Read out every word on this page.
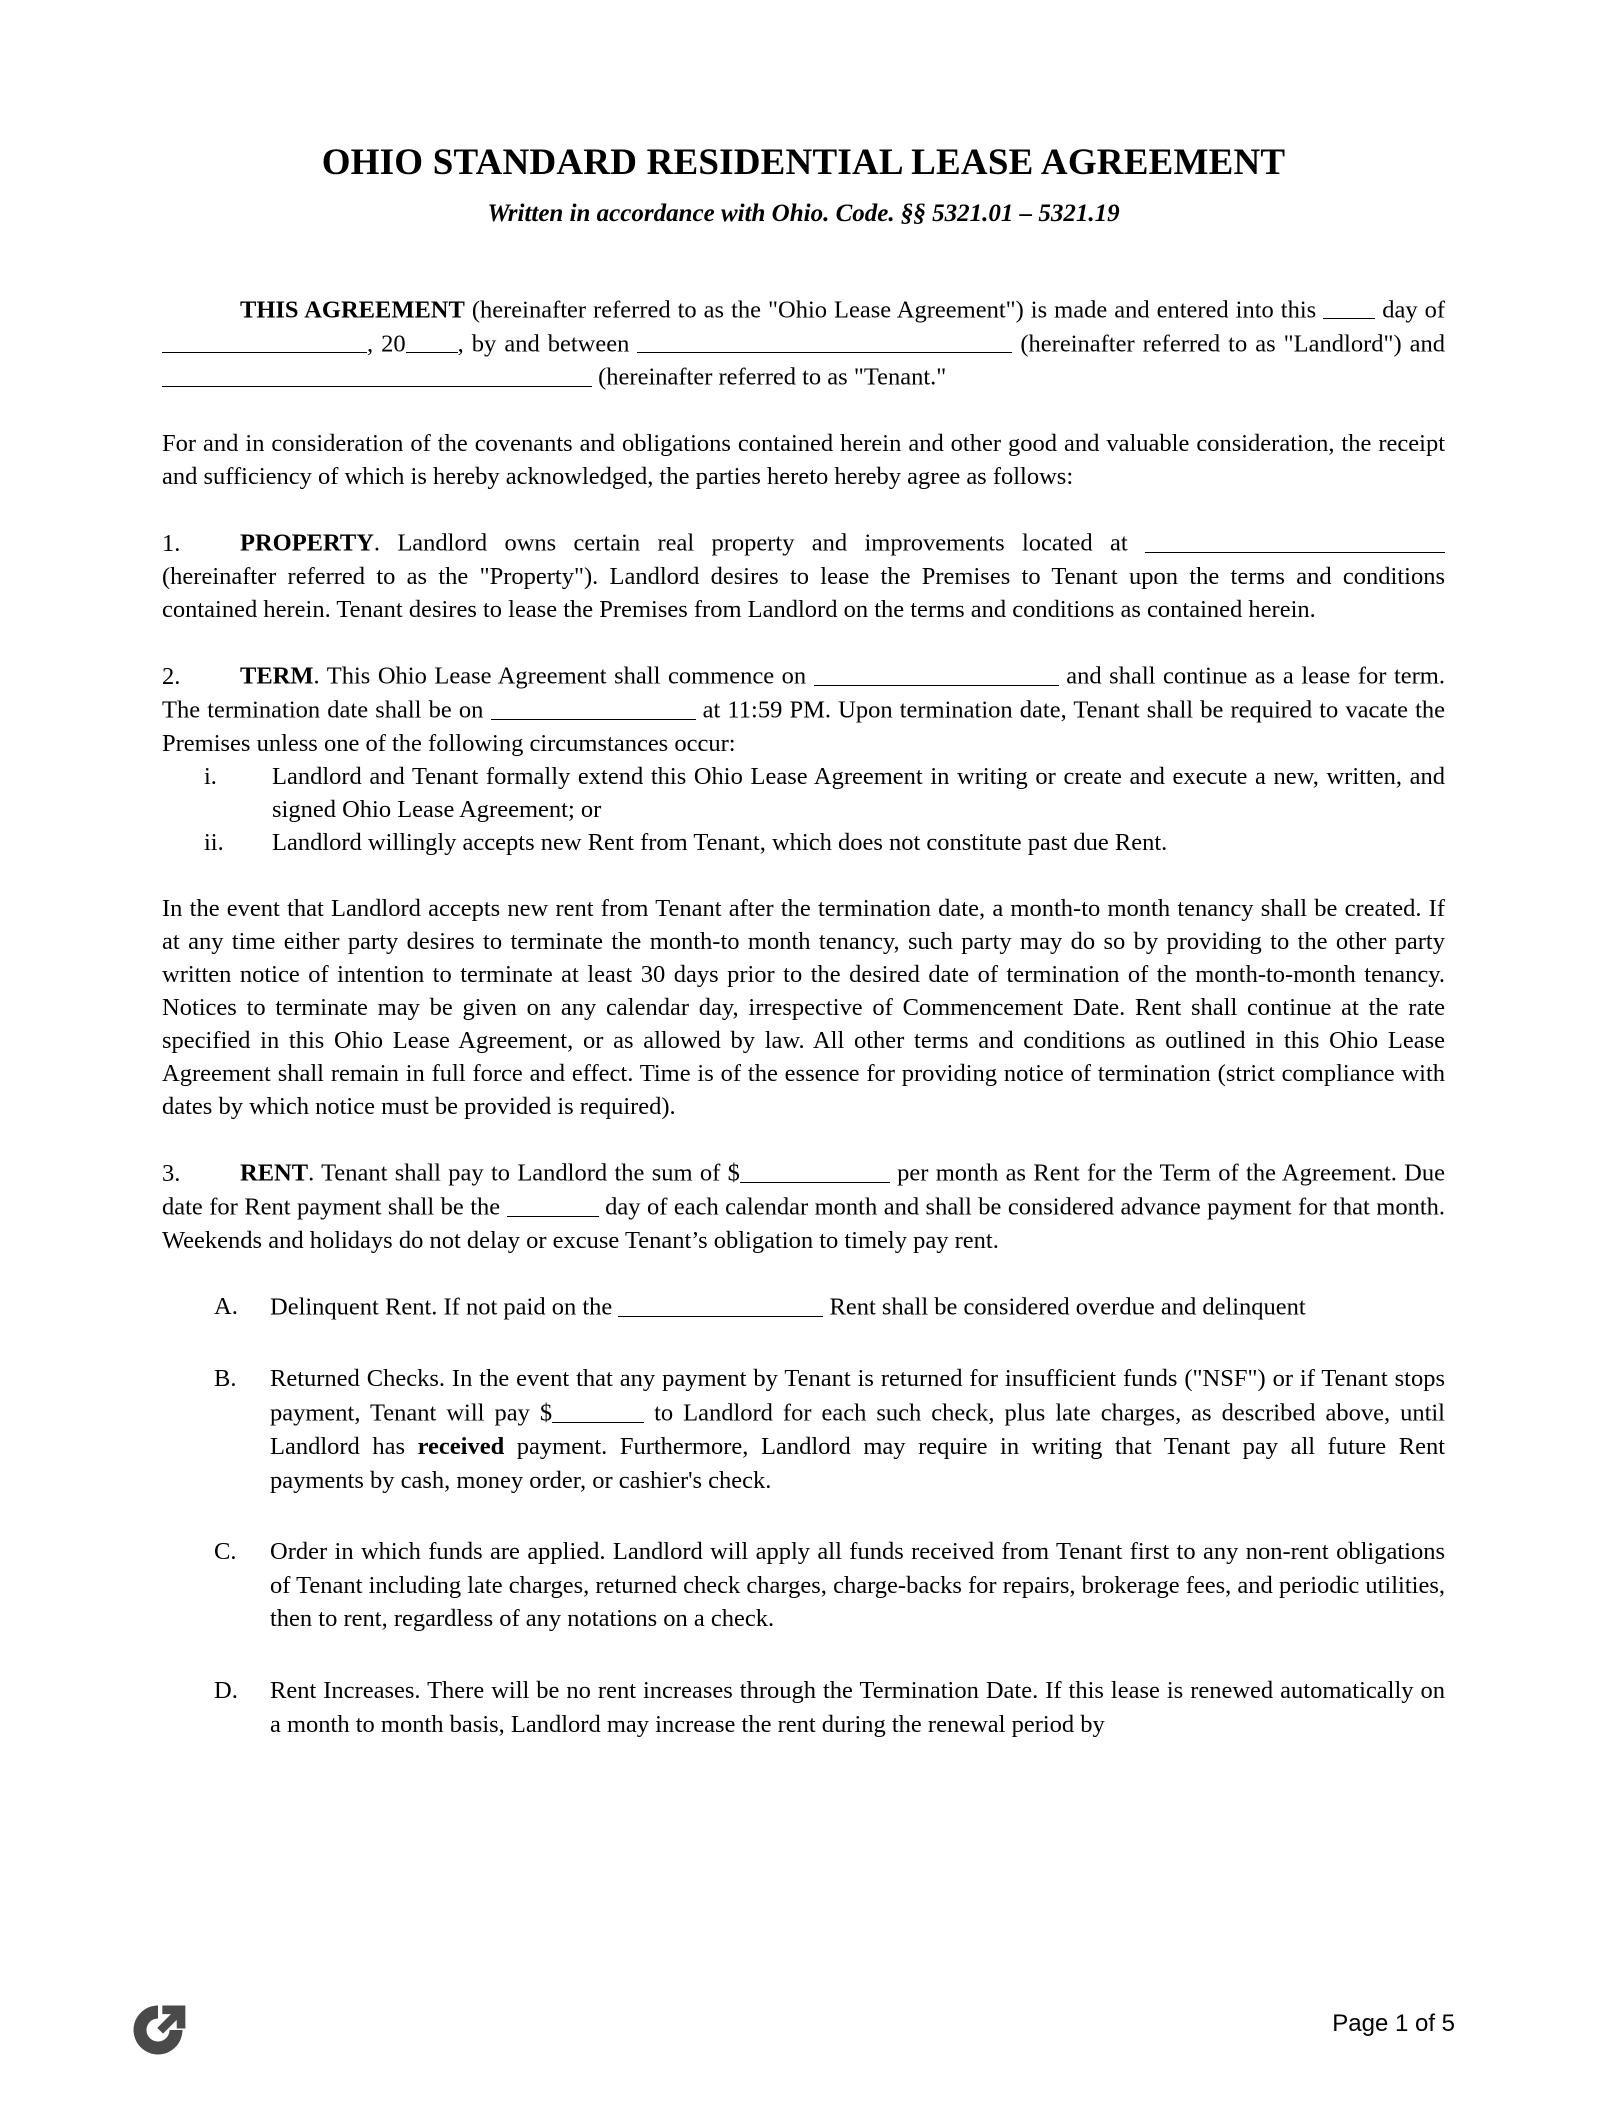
OHIO STANDARD RESIDENTIAL LEASE AGREEMENT
Written in accordance with Ohio. Code. §§ 5321.01 – 5321.19

THIS AGREEMENT (hereinafter referred to as the "Ohio Lease Agreement") is made and entered into this  day of , 20 , by and between	(hereinafter referred to as "Landlord") and  (hereinafter referred to as "Tenant."

For and in consideration of the covenants and obligations contained herein and other good and valuable consideration, the receipt and sufficiency of which is hereby acknowledged, the parties hereto hereby agree as follows:

1. PROPERTY. Landlord owns certain real property and improvements located at  (hereinafter referred to as the "Property"). Landlord desires to lease the Premises to Tenant upon the terms and conditions contained herein. Tenant desires to lease the Premises from Landlord on the terms and conditions as contained herein.

2. TERM. This Ohio Lease Agreement shall commence on	and shall continue as a lease for term. The termination date shall be on	at 11:59 PM. Upon termination date, Tenant shall be required to vacate the Premises unless one of the following circumstances occur:

i.	Landlord and Tenant formally extend this Ohio Lease Agreement in writing or create and execute a new, written, and signed Ohio Lease Agreement; or
ii.	Landlord willingly accepts new Rent from Tenant, which does not constitute past due Rent.

In the event that Landlord accepts new rent from Tenant after the termination date, a month-to month tenancy shall be created. If at any time either party desires to terminate the month-to month tenancy, such party may do so by providing to the other party written notice of intention to terminate at least 30 days prior to the desired date of termination of the month-to-month tenancy. Notices to terminate may be given on any calendar day, irrespective of Commencement Date. Rent shall continue at the rate specified in this Ohio Lease Agreement, or as allowed by law. All other terms and conditions as outlined in this Ohio Lease Agreement shall remain in full force and effect. Time is of the essence for providing notice of termination (strict compliance with dates by which notice must be provided is required).

3. RENT. Tenant shall pay to Landlord the sum of $	per month as Rent for the Term of the Agreement. Due date for Rent payment shall be the	day of each calendar month and shall be considered advance payment for that month. Weekends and holidays do not delay or excuse Tenant’s obligation to timely pay rent.

A.	Delinquent Rent. If not paid on the	Rent shall be considered overdue and delinquent
B.	Returned Checks. In the event that any payment by Tenant is returned for insufficient funds ("NSF") or if Tenant stops payment, Tenant will pay $	to Landlord for each such check, plus late charges, as described above, until Landlord has received payment. Furthermore, Landlord may require in writing that Tenant pay all future Rent payments by cash, money order, or cashier's check.
C.	Order in which funds are applied. Landlord will apply all funds received from Tenant first to any non-rent obligations of Tenant including late charges, returned check charges, charge-backs for repairs, brokerage fees, and periodic utilities, then to rent, regardless of any notations on a check.
D.	Rent Increases. There will be no rent increases through the Termination Date. If this lease is renewed automatically on a month to month basis, Landlord may increase the rent during the renewal period by
Page 1 of 5
